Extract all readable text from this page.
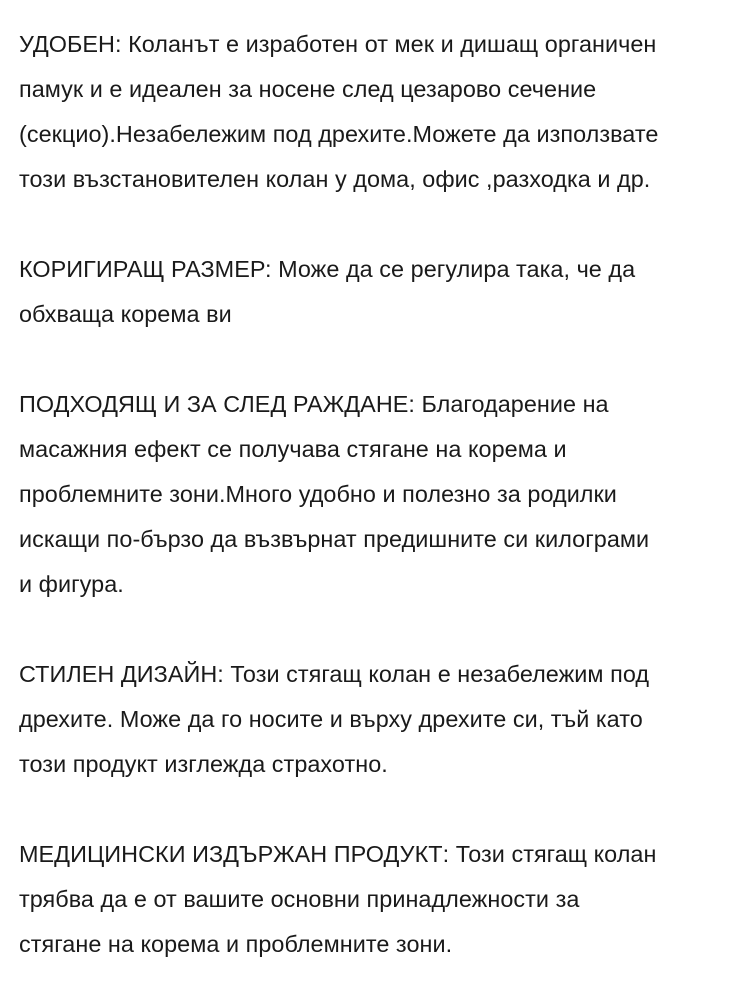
УДОБЕН: Коланът е изработен от мек и дишащ органичен
памук и е идеален за носене след цезарово сечение
(секцио).Незабележим под дрехите.Можете да използвате
този възстановителен колан у дома, офис ,разходка и др.
КОРИГИРАЩ РАЗМЕР: Може да се регулира така, че да
обхваща корема ви
ПОДХОДЯЩ И ЗА СЛЕД РАЖДАНЕ: Благодарение на
масажния ефект се получава стягане на корема и
проблемните зони.Много удобно и полезно за родилки
искащи по-бързо да възвърнат предишните си килограми
и фигура.
СТИЛЕН ДИЗАЙН: Този стягащ колан е незабележим под
дрехите. Може да го носите и върху дрехите си, тъй като
този продукт изглежда страхотно.
МЕДИЦИНСКИ ИЗДЪРЖАН ПРОДУКТ: Този стягащ колан
трябва да е от вашите основни принадлежности за
стягане на корема и проблемните зони.
